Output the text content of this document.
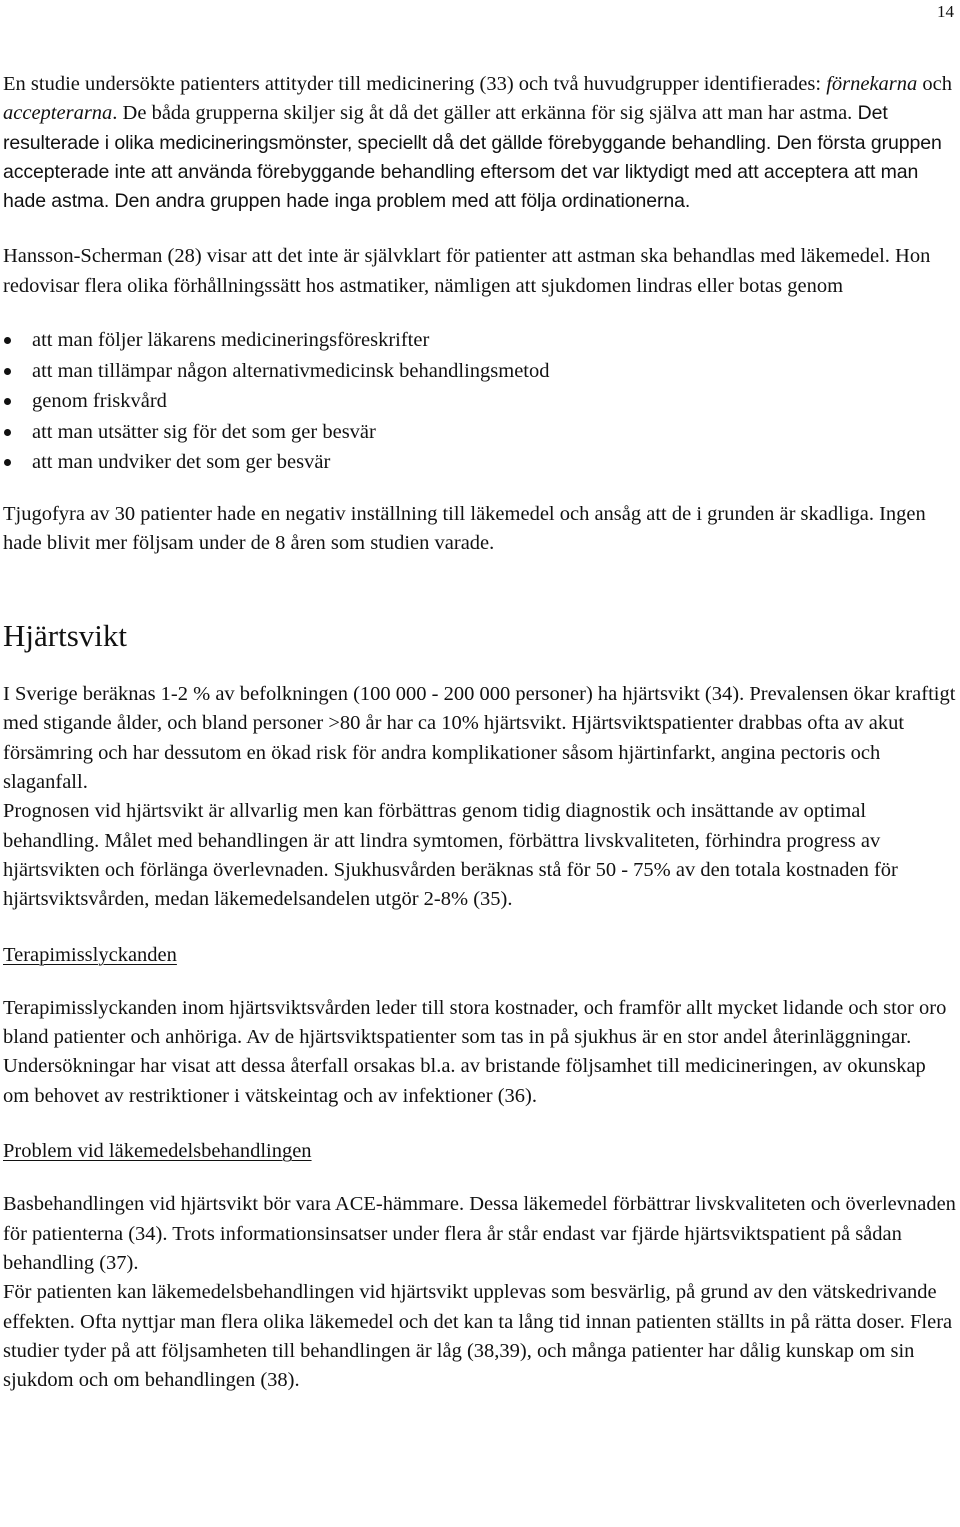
14

En studie undersökte patienters attityder till medicinering (33) och två huvudgrupper identifierades: förnekarna och accepterarna. De båda grupperna skiljer sig åt då det gäller att erkänna för sig själva att man har astma. Det resulterade i olika medicineringsmönster, speciellt då det gällde förebyggande behandling. Den första gruppen accepterade inte att använda förebyggande behandling eftersom det var liktydigt med att acceptera att man hade astma. Den andra gruppen hade inga problem med att följa ordinationerna.

Hansson-Scherman (28) visar att det inte är självklart för patienter att astman ska behandlas med läkemedel. Hon redovisar flera olika förhållningssätt hos astmatiker, nämligen att sjukdomen lindras eller botas genom

att man följer läkarens medicineringsföreskrifter
att man tillämpar någon alternativmedicinsk behandlingsmetod
genom friskvård
att man utsätter sig för det som ger besvär
att man undviker det som ger besvär

Tjugofyra av 30 patienter hade en negativ inställning till läkemedel och ansåg att de i grunden är skadliga. Ingen hade blivit mer följsam under de 8 åren som studien varade.

Hjärtsvikt

I Sverige beräknas 1-2 % av befolkningen (100 000 - 200 000 personer) ha hjärtsvikt (34). Prevalensen ökar kraftigt med stigande ålder, och bland personer >80 år har ca 10% hjärtsvikt. Hjärtsviktspatienter drabbas ofta av akut försämring och har dessutom en ökad risk för andra komplikationer såsom hjärtinfarkt, angina pectoris och slaganfall.

Prognosen vid hjärtsvikt är allvarlig men kan förbättras genom tidig diagnostik och insättande av optimal behandling. Målet med behandlingen är att lindra symtomen, förbättra livskvaliteten, förhindra progress av hjärtsvikten och förlänga överlevnaden. Sjukhusvården beräknas stå för 50 - 75% av den totala kostnaden för hjärtsviktsvården, medan läkemedelsandelen utgör 2-8% (35).

Terapimisslyckanden

Terapimisslyckanden inom hjärtsviktsvården leder till stora kostnader, och framför allt mycket lidande och stor oro bland patienter och anhöriga. Av de hjärtsviktspatienter som tas in på sjukhus är en stor andel återinläggningar. Undersökningar har visat att dessa återfall orsakas bl.a. av bristande följsamhet till medicineringen, av okunskap om behovet av restriktioner i vätskeintag och av infektioner (36).

Problem vid läkemedelsbehandlingen

Basbehandlingen vid hjärtsvikt bör vara ACE-hämmare. Dessa läkemedel förbättrar livskvaliteten och överlevnaden för patienterna (34). Trots informationsinsatser under flera år står endast var fjärde hjärtsviktspatient på sådan behandling (37).

För patienten kan läkemedelsbehandlingen vid hjärtsvikt upplevas som besvärlig, på grund av den vätskedrivande effekten. Ofta nyttjar man flera olika läkemedel och det kan ta lång tid innan patienten ställts in på rätta doser. Flera studier tyder på att följsamheten till behandlingen är låg (38,39), och många patienter har dålig kunskap om sin sjukdom och om behandlingen (38).
